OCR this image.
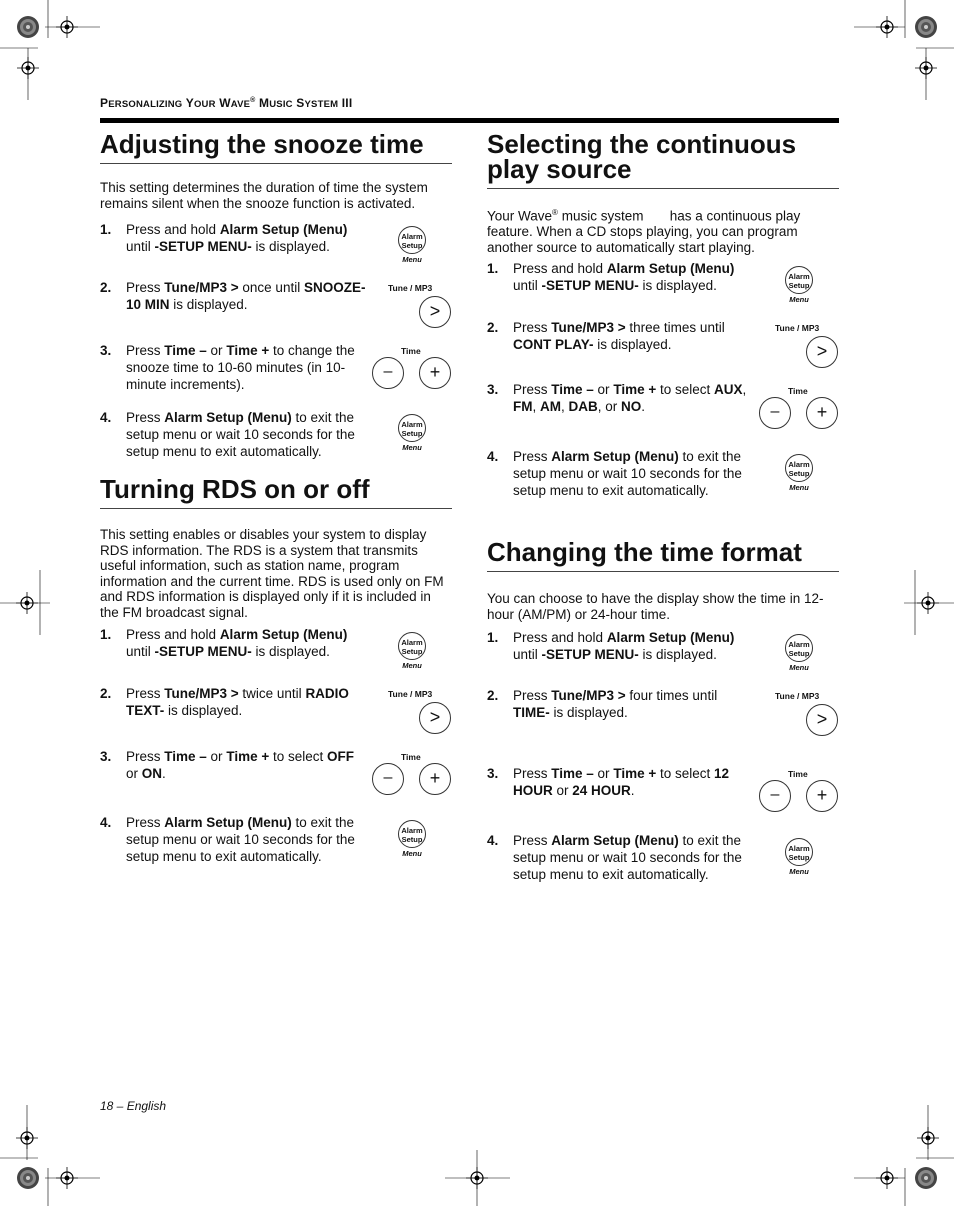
PERSONALIZING YOUR WAVE® MUSIC SYSTEM III
Adjusting the snooze time

This setting determines the duration of time the system remains silent when the snooze function is activated.

1. Press and hold Alarm Setup (Menu) until -SETUP MENU- is displayed.
2. Press Tune/MP3 > once until SNOOZE- 10 MIN is displayed.
3. Press Time – or Time + to change the snooze time to 10-60 minutes (in 10-minute increments).
4. Press Alarm Setup (Menu) to exit the setup menu or wait 10 seconds for the setup menu to exit automatically.
Turning RDS on or off

This setting enables or disables your system to display RDS information. The RDS is a system that transmits useful information, such as station name, program information and the current time. RDS is used only on FM and RDS information is displayed only if it is included in the FM broadcast signal.

1. Press and hold Alarm Setup (Menu) until -SETUP MENU- is displayed.
2. Press Tune/MP3 > twice until RADIO TEXT- is displayed.
3. Press Time – or Time + to select OFF or ON.
4. Press Alarm Setup (Menu) to exit the setup menu or wait 10 seconds for the setup menu to exit automatically.
Selecting the continuous
play source

Your Wave® music system       has a continuous play feature. When a CD stops playing, you can program another source to automatically start playing.

1. Press and hold Alarm Setup (Menu) until -SETUP MENU- is displayed.
2. Press Tune/MP3 > three times until CONT PLAY- is displayed.
3. Press Time – or Time + to select AUX, FM, AM, DAB, or NO.
4. Press Alarm Setup (Menu) to exit the setup menu or wait 10 seconds for the setup menu to exit automatically.
Changing the time format

You can choose to have the display show the time in 12-hour (AM/PM) or 24-hour time.

1. Press and hold Alarm Setup (Menu) until -SETUP MENU- is displayed.
2. Press Tune/MP3 > four times until TIME- is displayed.
3. Press Time – or Time + to select 12 HOUR or 24 HOUR.
4. Press Alarm Setup (Menu) to exit the setup menu or wait 10 seconds for the setup menu to exit automatically.
Alarm
Setup
Menu
Alarm
Setup
Menu
Alarm
Setup
Menu
Alarm
Setup
Menu
Alarm
Setup
Menu
Alarm
Setup
Menu
Alarm
Setup
Menu
Alarm
Setup
Menu
Tune / MP3
>
Tune / MP3
>
Tune / MP3
>
Tune / MP3
>
Time
–	+
Time
–	+
Time
–	+
Time
–	+
18 – English
